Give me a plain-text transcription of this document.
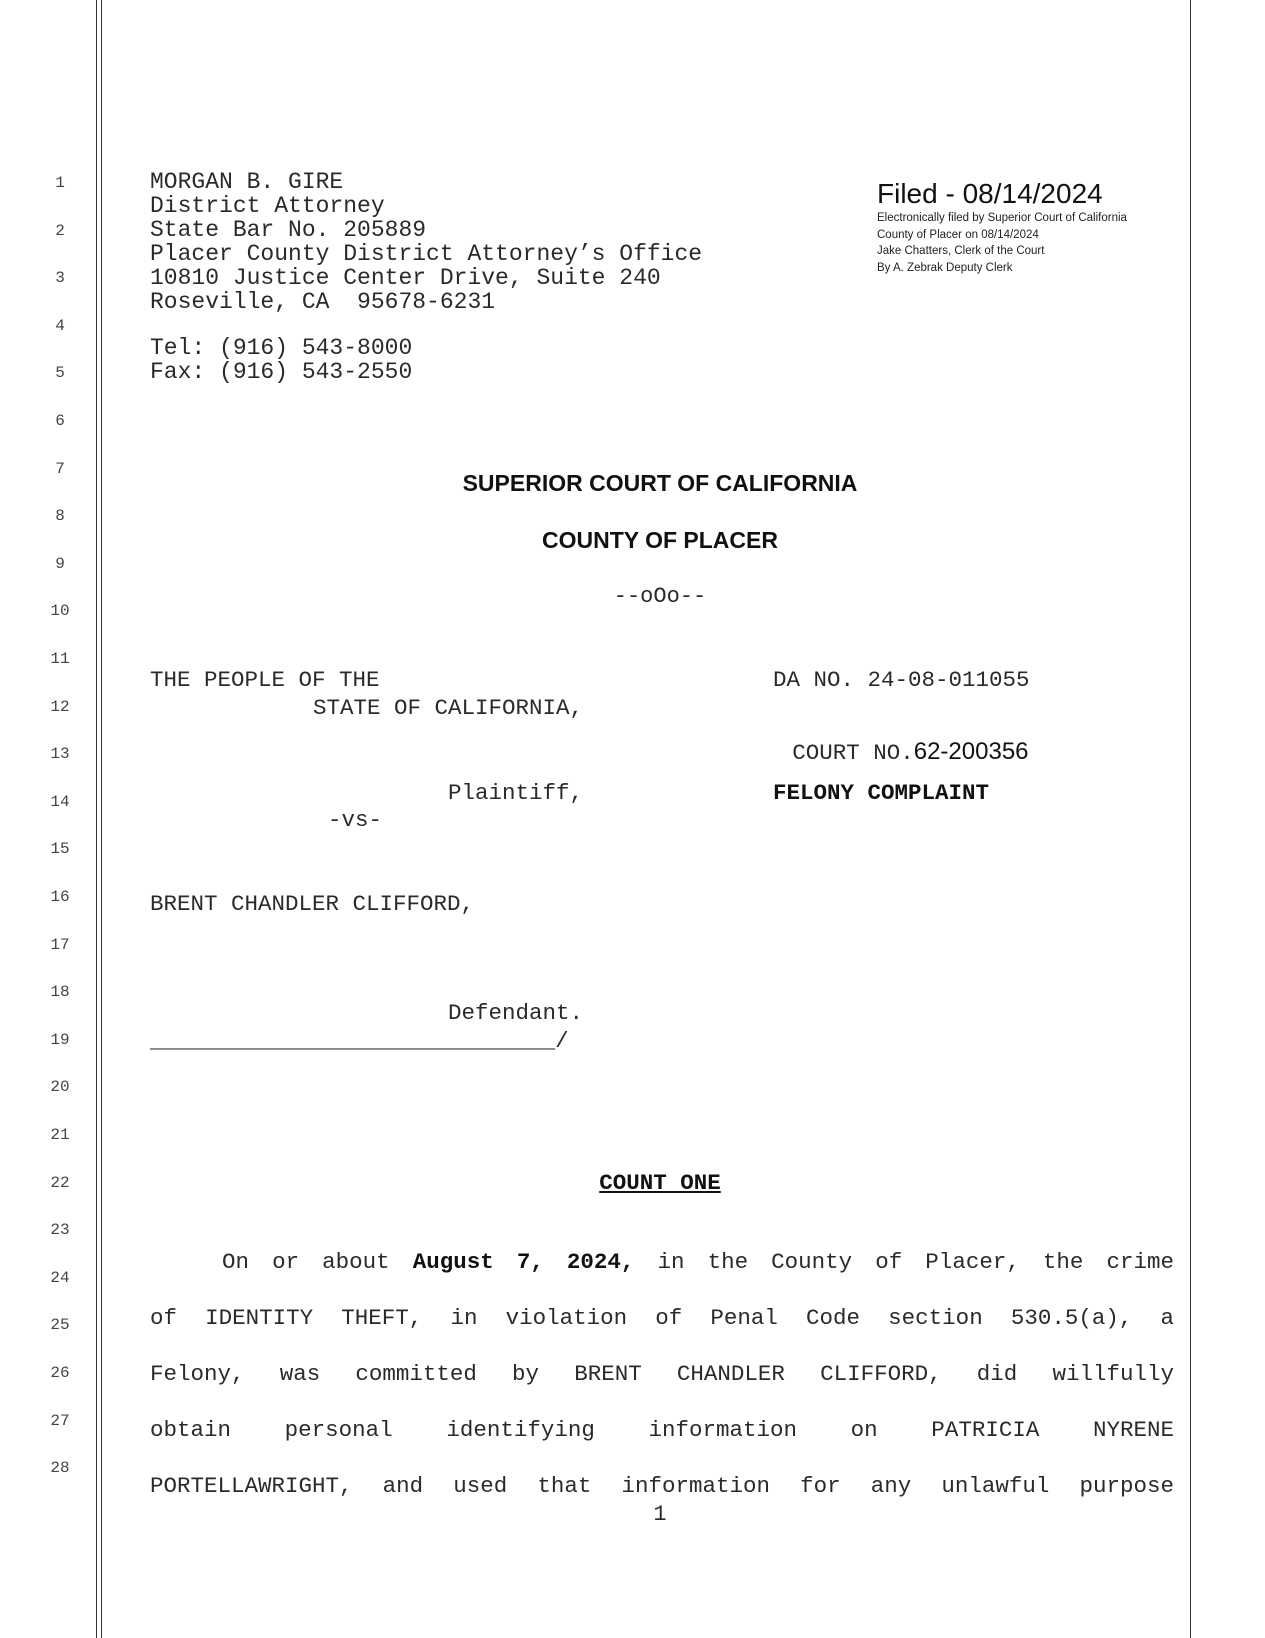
1
2
3
4
5
6
7
8
9
10
11
12
13
14
15
16
17
18
19
20
21
22
23
24
25
26
27
28
MORGAN B. GIRE
District Attorney
State Bar No. 205889
Placer County District Attorney’s Office
10810 Justice Center Drive, Suite 240
Roseville, CA  95678-6231
Tel: (916) 543-8000
Fax: (916) 543-2550
Filed - 08/14/2024
Electronically filed by Superior Court of California
County of Placer on 08/14/2024
Jake Chatters, Clerk of the Court
By A. Zebrak Deputy Clerk
SUPERIOR COURT OF CALIFORNIA
COUNTY OF PLACER
--oOo--
THE PEOPLE OF THE
STATE OF CALIFORNIA,
Plaintiff,
-vs-
BRENT CHANDLER CLIFFORD,
Defendant.
______________________________/
DA NO. 24-08-011055

COURT NO.62-200356

FELONY COMPLAINT
COUNT ONE
On or about August 7, 2024, in the County of Placer, the crime
of IDENTITY THEFT, in violation of Penal Code section 530.5(a), a
Felony, was committed by BRENT CHANDLER CLIFFORD, did willfully
obtain personal identifying information on PATRICIA NYRENE
PORTELLAWRIGHT, and used that information for any unlawful purpose
1
